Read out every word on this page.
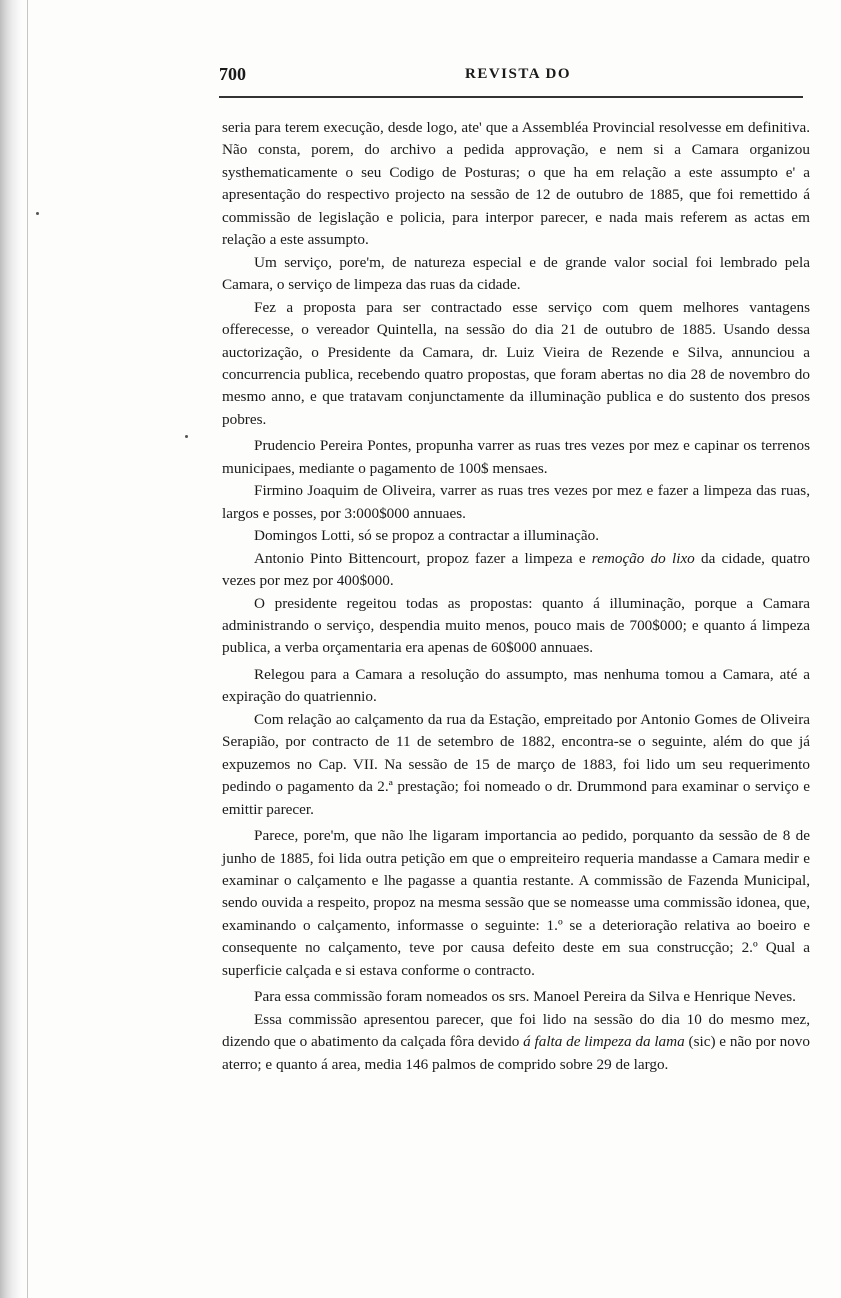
700	REVISTA DO

seria para terem execução, desde logo, ate' que a Assembléa Provincial resolvesse em definitiva. Não consta, porem, do archivo a pedida approvação, e nem si a Camara organizou systhematicamente o seu Codigo de Posturas; o que ha em relação a este assumpto e' a apresentação do respectivo projecto na sessão de 12 de outubro de 1885, que foi remettido á commissão de legislação e policia, para interpor parecer, e nada mais referem as actas em relação a este assumpto.

Um serviço, pore'm, de natureza especial e de grande valor social foi lembrado pela Camara, o serviço de limpeza das ruas da cidade.

Fez a proposta para ser contractado esse serviço com quem melhores vantagens offerecesse, o vereador Quintella, na sessão do dia 21 de outubro de 1885. Usando dessa auctorização, o Presidente da Camara, dr. Luiz Vieira de Rezende e Silva, annunciou a concurrencia publica, recebendo quatro propostas, que foram abertas no dia 28 de novembro do mesmo anno, e que tratavam conjunctamente da illuminação publica e do sustento dos presos pobres.

Prudencio Pereira Pontes, propunha varrer as ruas tres vezes por mez e capinar os terrenos municipaes, mediante o pagamento de 100$ mensaes.

Firmino Joaquim de Oliveira, varrer as ruas tres vezes por mez e fazer a limpeza das ruas, largos e posses, por 3:000$000 annuaes.

Domingos Lotti, só se propoz a contractar a illuminação.

Antonio Pinto Bittencourt, propoz fazer a limpeza e remoção do lixo da cidade, quatro vezes por mez por 400$000.

O presidente regeitou todas as propostas: quanto á illuminação, porque a Camara administrando o serviço, despendia muito menos, pouco mais de 700$000; e quanto á limpeza publica, a verba orçamentaria era apenas de 60$000 annuaes.

Relegou para a Camara a resolução do assumpto, mas nenhuma tomou a Camara, até a expiração do quatriennio.

Com relação ao calçamento da rua da Estação, empreitado por Antonio Gomes de Oliveira Serapião, por contracto de 11 de setembro de 1882, encontra-se o seguinte, além do que já expuzemos no Cap. VII. Na sessão de 15 de março de 1883, foi lido um seu requerimento pedindo o pagamento da 2.ª prestação; foi nomeado o dr. Drummond para examinar o serviço e emittir parecer.

Parece, pore'm, que não lhe ligaram importancia ao pedido, porquanto da sessão de 8 de junho de 1885, foi lida outra petição em que o empreiteiro requeria mandasse a Camara medir e examinar o calçamento e lhe pagasse a quantia restante. A commissão de Fazenda Municipal, sendo ouvida a respeito, propoz na mesma sessão que se nomeasse uma commissão idonea, que, examinando o calçamento, informasse o seguinte: 1.º se a deterioração relativa ao boeiro e consequente no calçamento, teve por causa defeito deste em sua construcção; 2.º Qual a superficie calçada e si estava conforme o contracto.

Para essa commissão foram nomeados os srs. Manoel Pereira da Silva e Henrique Neves.

Essa commissão apresentou parecer, que foi lido na sessão do dia 10 do mesmo mez, dizendo que o abatimento da calçada fôra devido á falta de limpeza da lama (sic) e não por novo aterro; e quanto á area, media 146 palmos de comprido sobre 29 de largo.
